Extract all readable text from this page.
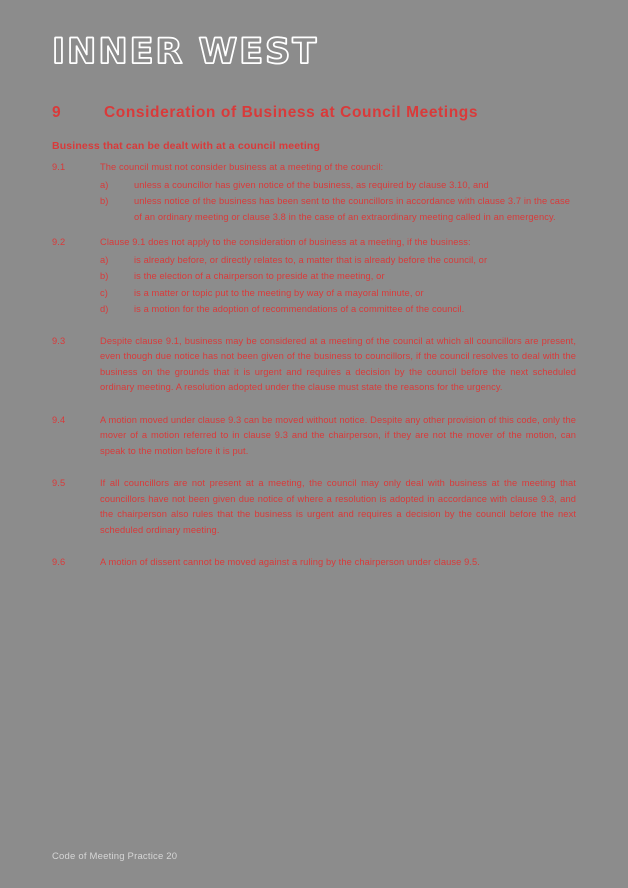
INNER WEST
9	Consideration of Business at Council Meetings
Business that can be dealt with at a council meeting
9.1	The council must not consider business at a meeting of the council:
a)	unless a councillor has given notice of the business, as required by clause 3.10, and
b)	unless notice of the business has been sent to the councillors in accordance with clause 3.7 in the case of an ordinary meeting or clause 3.8 in the case of an extraordinary meeting called in an emergency.
9.2	Clause 9.1 does not apply to the consideration of business at a meeting, if the business:
a)	is already before, or directly relates to, a matter that is already before the council, or
b)	is the election of a chairperson to preside at the meeting, or
c)	is a matter or topic put to the meeting by way of a mayoral minute, or
d)	is a motion for the adoption of recommendations of a committee of the council.
9.3	Despite clause 9.1, business may be considered at a meeting of the council at which all councillors are present, even though due notice has not been given of the business to councillors, if the council resolves to deal with the business on the grounds that it is urgent and requires a decision by the council before the next scheduled ordinary meeting. A resolution adopted under the clause must state the reasons for the urgency.
9.4	A motion moved under clause 9.3 can be moved without notice. Despite any other provision of this code, only the mover of a motion referred to in clause 9.3 and the chairperson, if they are not the mover of the motion, can speak to the motion before it is put.
9.5	If all councillors are not present at a meeting, the council may only deal with business at the meeting that councillors have not been given due notice of where a resolution is adopted in accordance with clause 9.3, and the chairperson also rules that the business is urgent and requires a decision by the council before the next scheduled ordinary meeting.
9.6	A motion of dissent cannot be moved against a ruling by the chairperson under clause 9.5.
Code of Meeting Practice 20
